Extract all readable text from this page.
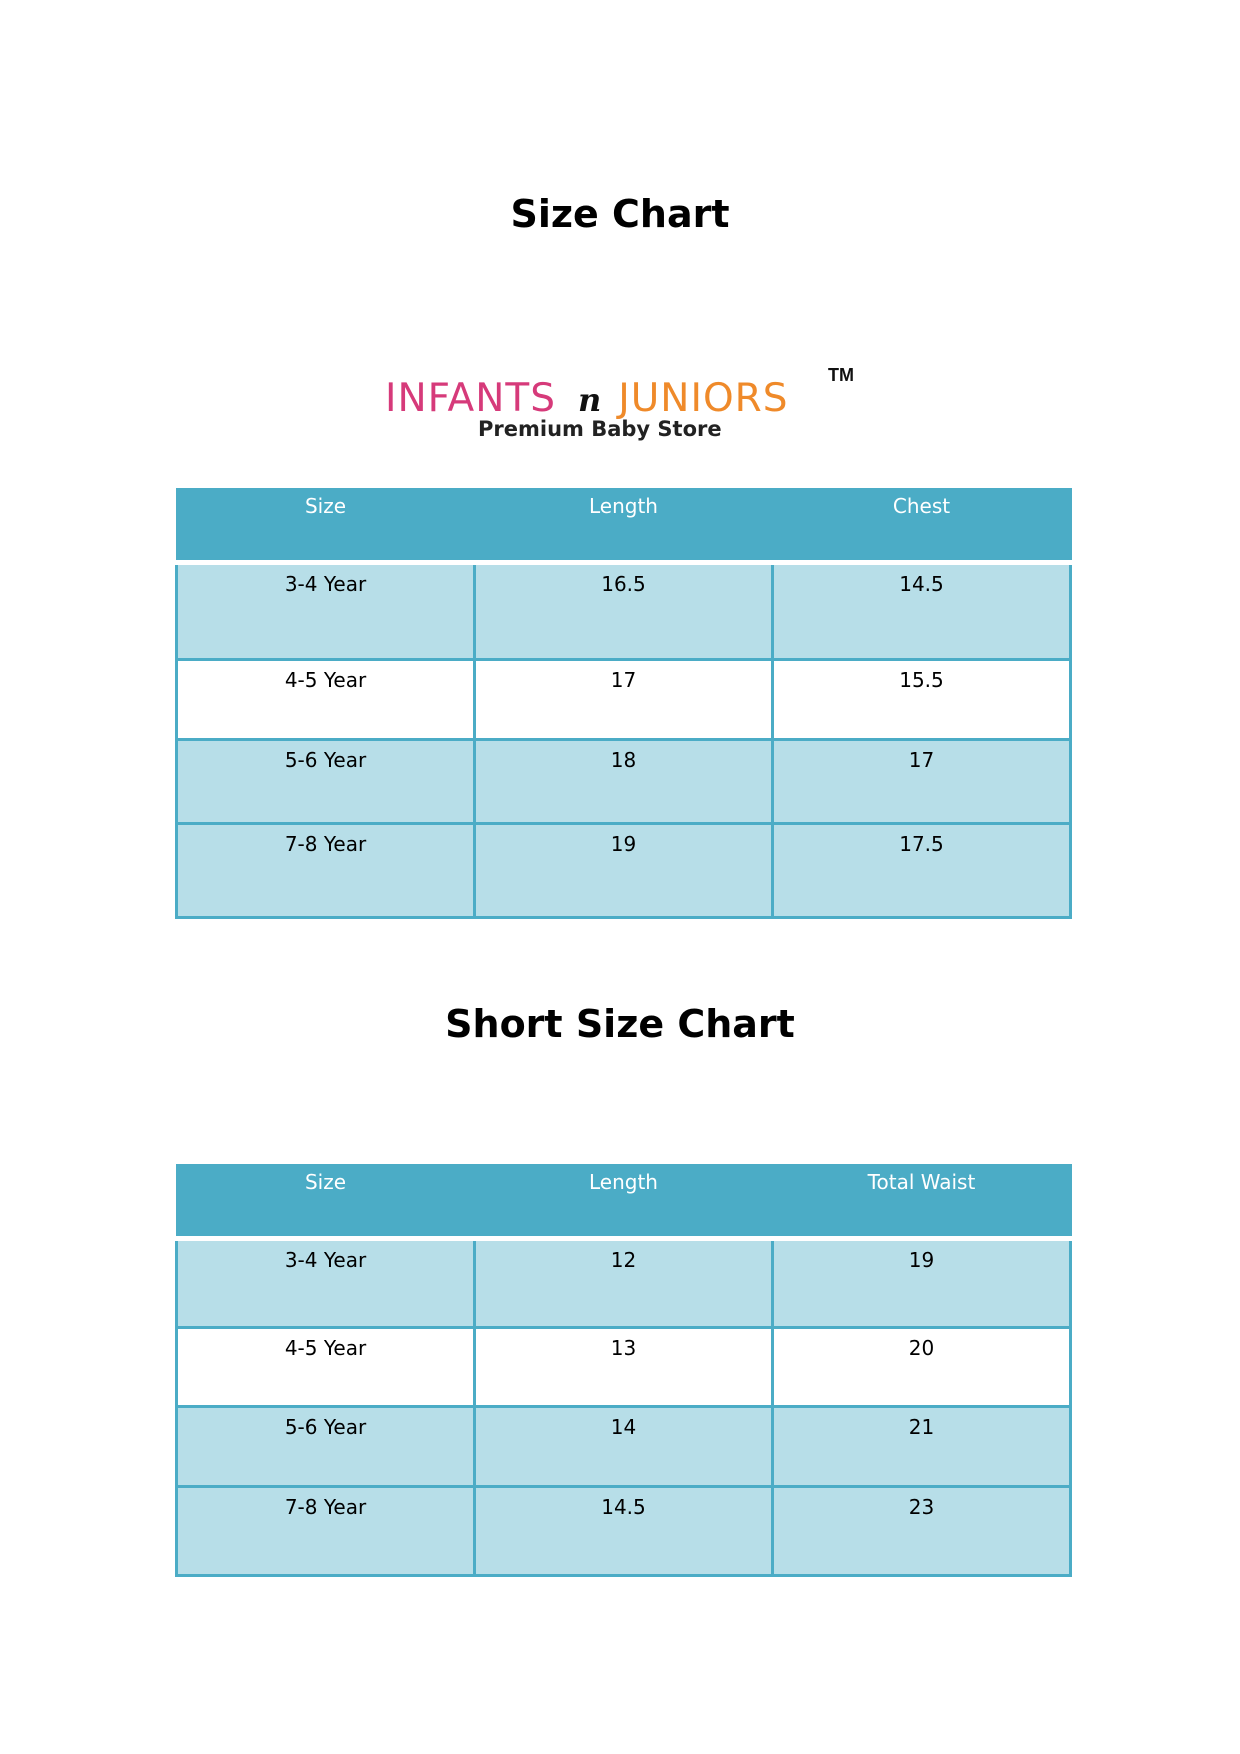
Size Chart
INFANTS n JUNIORS
TM
Premium Baby Store
Size	Length	Chest
3-4 Year	16.5	14.5
4-5 Year	17	15.5
5-6 Year	18	17
7-8 Year	19	17.5
Short Size Chart
Size	Length	Total Waist
3-4 Year	12	19
4-5 Year	13	20
5-6 Year	14	21
7-8 Year	14.5	23
